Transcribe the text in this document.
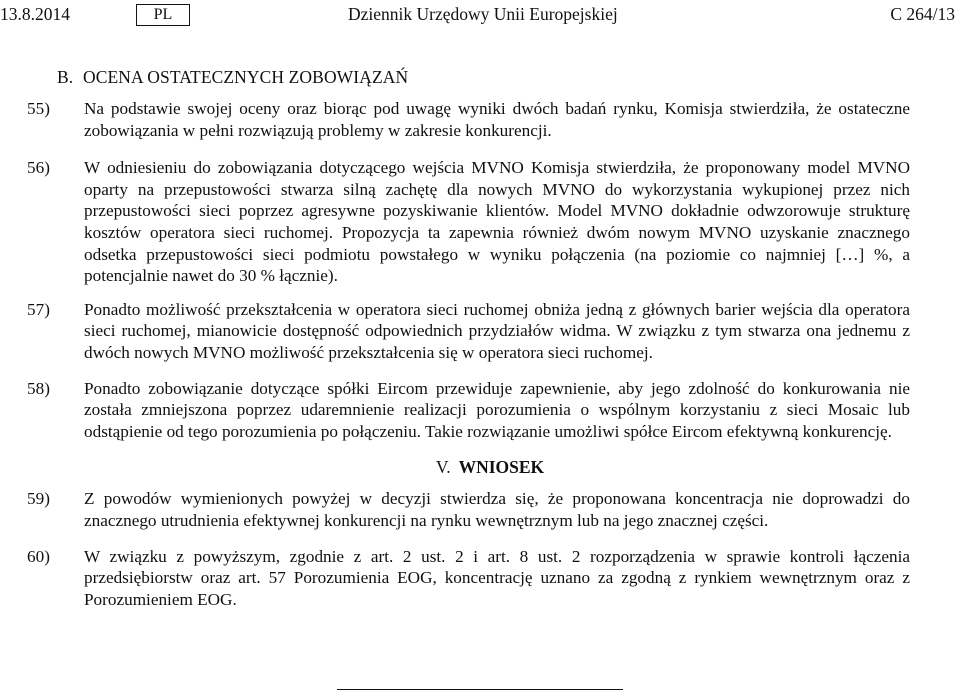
13.8.2014	PL	Dziennik Urzędowy Unii Europejskiej	C 264/13
B. OCENA OSTATECZNYCH ZOBOWIĄZAŃ

55) Na podstawie swojej oceny oraz biorąc pod uwagę wyniki dwóch badań rynku, Komisja stwierdziła, że ostateczne zobowiązania w pełni rozwiązują problemy w zakresie konkurencji.

56) W odniesieniu do zobowiązania dotyczącego wejścia MVNO Komisja stwierdziła, że proponowany model MVNO oparty na przepustowości stwarza silną zachętę dla nowych MVNO do wykorzystania wykupionej przez nich przepustowości sieci poprzez agresywne pozyskiwanie klientów. Model MVNO dokładnie odwzorowuje strukturę kosztów operatora sieci ruchomej. Propozycja ta zapewnia również dwóm nowym MVNO uzyskanie znacznego odsetka przepustowości sieci podmiotu powstałego w wyniku połączenia (na poziomie co najmniej […] %, a potencjalnie nawet do 30 % łącznie).

57) Ponadto możliwość przekształcenia w operatora sieci ruchomej obniża jedną z głównych barier wejścia dla operatora sieci ruchomej, mianowicie dostępność odpowiednich przydziałów widma. W związku z tym stwarza ona jednemu z dwóch nowych MVNO możliwość przekształcenia się w operatora sieci ruchomej.

58) Ponadto zobowiązanie dotyczące spółki Eircom przewiduje zapewnienie, aby jego zdolność do konkurowania nie została zmniejszona poprzez udaremnienie realizacji porozumienia o wspólnym korzystaniu z sieci Mosaic lub odstąpienie od tego porozumienia po połączeniu. Takie rozwiązanie umożliwi spółce Eircom efektywną konkurencję.

V. WNIOSEK

59) Z powodów wymienionych powyżej w decyzji stwierdza się, że proponowana koncentracja nie doprowadzi do znacznego utrudnienia efektywnej konkurencji na rynku wewnętrznym lub na jego znacznej części.

60) W związku z powyższym, zgodnie z art. 2 ust. 2 i art. 8 ust. 2 rozporządzenia w sprawie kontroli łączenia przedsiębiorstw oraz art. 57 Porozumienia EOG, koncentrację uznano za zgodną z rynkiem wewnętrznym oraz z Porozumieniem EOG.
